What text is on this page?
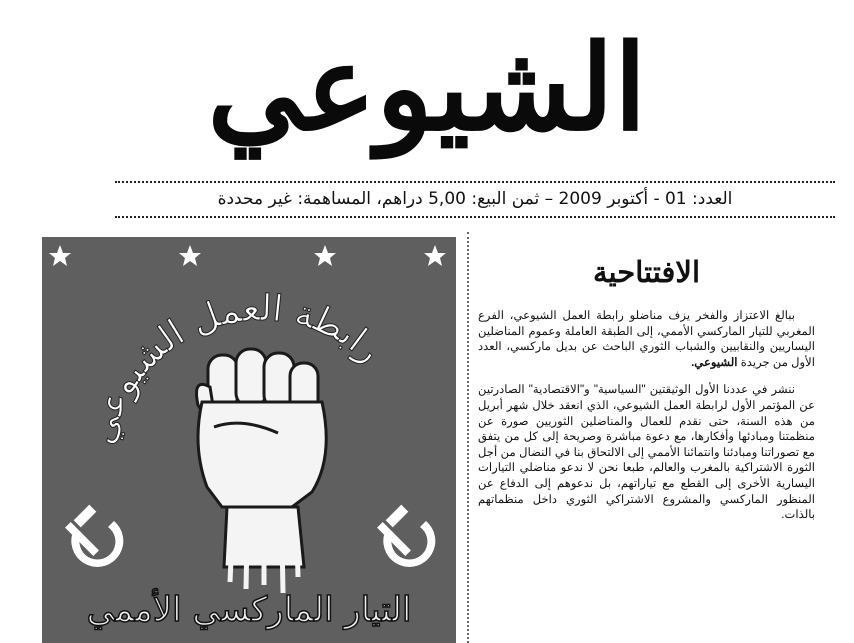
الشيوعي
العدد: 01 - أكتوبر 2009 – ثمن البيع: 5,00 دراهم، المساهمة: غير محددة
رابطة العمل الشيوعي
التيار الماركسي الأممي
الافتتاحية

ببالغ الاعتزاز والفخر يزف مناضلو رابطة العمل الشيوعي، الفرع المغربي للتيار الماركسي الأممي، إلى الطبقة العاملة وعموم المناضلين اليساريين والنقابيين والشباب الثوري الباحث عن بديل ماركسي، العدد الأول من جريدة الشيوعي.

ننشر في عددنا الأول الوثيقتين "السياسية" و"الاقتصادية" الصادرتين عن المؤتمر الأول لرابطة العمل الشيوعي، الذي انعقد خلال شهر أبريل من هذه السنة، حتى نقدم للعمال والمناضلين الثوريين صورة عن منظمتنا ومبادئها وأفكارها، مع دعوة مباشرة وصريحة إلى كل من يتفق مع تصوراتنا ومبادئنا وانتمائنا الأممي إلى الالتحاق بنا في النضال من أجل الثورة الاشتراكية بالمغرب والعالم، طبعا نحن لا ندعو مناضلي التيارات اليسارية الأخرى إلى القطع مع تياراتهم، بل ندعوهم إلى الدفاع عن المنظور الماركسي والمشروع الاشتراكي الثوري داخل منظماتهم بالذات.
